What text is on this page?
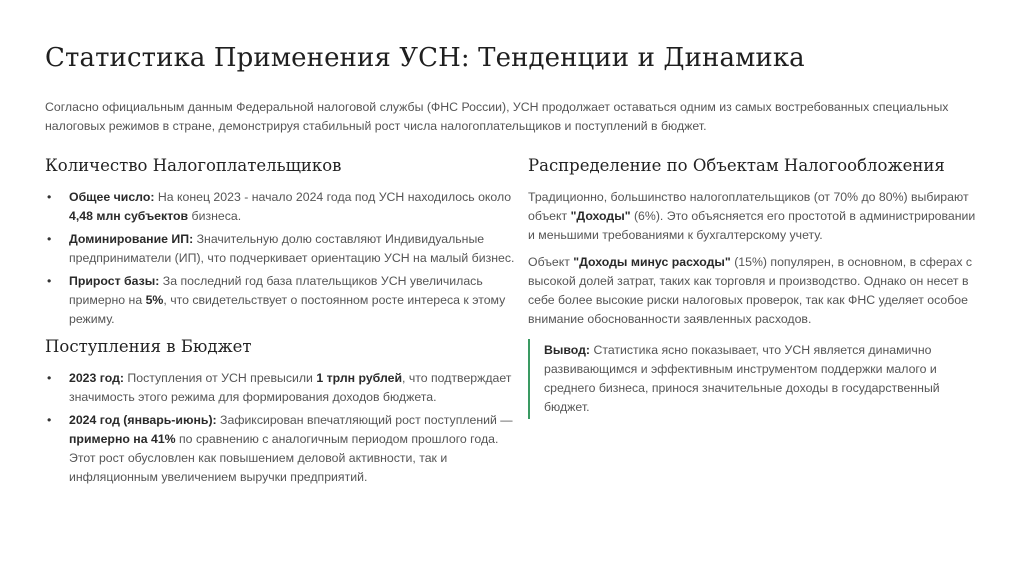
Статистика Применения УСН: Тенденции и Динамика

Согласно официальным данным Федеральной налоговой службы (ФНС России), УСН продолжает оставаться одним из самых востребованных специальных налоговых режимов в стране, демонстрируя стабильный рост числа налогоплательщиков и поступлений в бюджет.

Количество Налогоплательщиков
• Общее число: На конец 2023 - начало 2024 года под УСН находилось около 4,48 млн субъектов бизнеса.
• Доминирование ИП: Значительную долю составляют Индивидуальные предприниматели (ИП), что подчеркивает ориентацию УСН на малый бизнес.
• Прирост базы: За последний год база плательщиков УСН увеличилась примерно на 5%, что свидетельствует о постоянном росте интереса к этому режиму.
Поступления в Бюджет
• 2023 год: Поступления от УСН превысили 1 трлн рублей, что подтверждает значимость этого режима для формирования доходов бюджета.
• 2024 год (январь-июнь): Зафиксирован впечатляющий рост поступлений — примерно на 41% по сравнению с аналогичным периодом прошлого года. Этот рост обусловлен как повышением деловой активности, так и инфляционным увеличением выручки предприятий.
Распределение по Объектам Налогообложения

Традиционно, большинство налогоплательщиков (от 70% до 80%) выбирают объект "Доходы" (6%). Это объясняется его простотой в администрировании и меньшими требованиями к бухгалтерскому учету.

Объект "Доходы минус расходы" (15%) популярен, в основном, в сферах с высокой долей затрат, таких как торговля и производство. Однако он несет в себе более высокие риски налоговых проверок, так как ФНС уделяет особое внимание обоснованности заявленных расходов.

Вывод: Статистика ясно показывает, что УСН является динамично развивающимся и эффективным инструментом поддержки малого и среднего бизнеса, принося значительные доходы в государственный бюджет.
